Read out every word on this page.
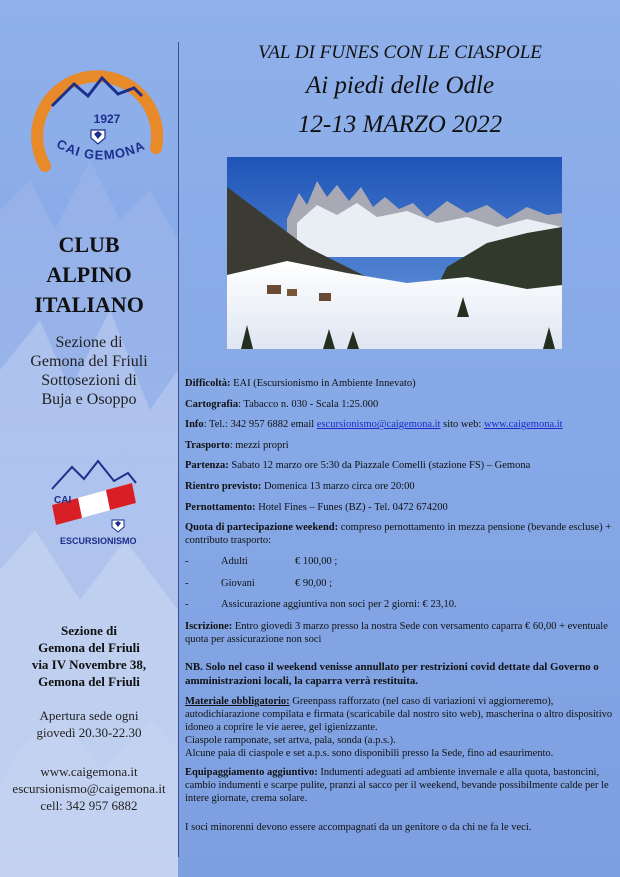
1927
CAI GEMONA
CLUB
ALPINO
ITALIANO
Sezione di
Gemona del Friuli
Sottosezioni di
Buja e Osoppo
CAI
ESCURSIONISMO
Sezione di
Gemona del Friuli
via IV Novembre 38,
Gemona del Friuli
Apertura sede ogni
giovedì 20.30-22.30
www.caigemona.it
escursionismo@caigemona.it
cell: 342 957 6882
VAL DI FUNES CON LE CIASPOLE
Ai piedi delle Odle
12-13 MARZO 2022
Difficoltà: EAI (Escursionismo in Ambiente Innevato)
Cartografia: Tabacco n. 030 - Scala 1:25.000
Info: Tel.: 342 957 6882 email escursionismo@caigemona.it sito web: www.caigemona.it
Trasporto: mezzi propri
Partenza: Sabato 12 marzo ore 5:30 da Piazzale Comelli (stazione FS) – Gemona
Rientro previsto: Domenica 13 marzo circa ore 20:00
Pernottamento: Hotel Fines – Funes (BZ) - Tel. 0472 674200
Quota di partecipazione weekend: compreso pernottamento in mezza pensione (bevande escluse) + contributo trasporto:
-	Adulti	€ 100,00 ;
-	Giovani	€ 90,00 ;
-	Assicurazione aggiuntiva non soci per 2 giorni: € 23,10.
Iscrizione: Entro giovedì 3 marzo presso la nostra Sede con versamento caparra € 60,00 + eventuale quota per assicurazione non soci
NB. Solo nel caso il weekend venisse annullato per restrizioni covid dettate dal Governo o amministrazioni locali, la caparra verrà restituita.
Materiale obbligatorio: Greenpass rafforzato (nel caso di variazioni vi aggiorneremo), autodichiarazione compilata e firmata (scaricabile dal nostro sito web), mascherina o altro dispositivo idoneo a coprire le vie aeree, gel igienizzante.
Ciaspole ramponate, set artva, pala, sonda (a.p.s.).
Alcune paia di ciaspole e set a.p.s. sono disponibili presso la Sede, fino ad esaurimento.
Equipaggiamento aggiuntivo: Indumenti adeguati ad ambiente invernale e alla quota, bastoncini, cambio indumenti e scarpe pulite, pranzi al sacco per il weekend, bevande possibilmente calde per le intere giornate, crema solare.
I soci minorenni devono essere accompagnati da un genitore o da chi ne fa le veci.
